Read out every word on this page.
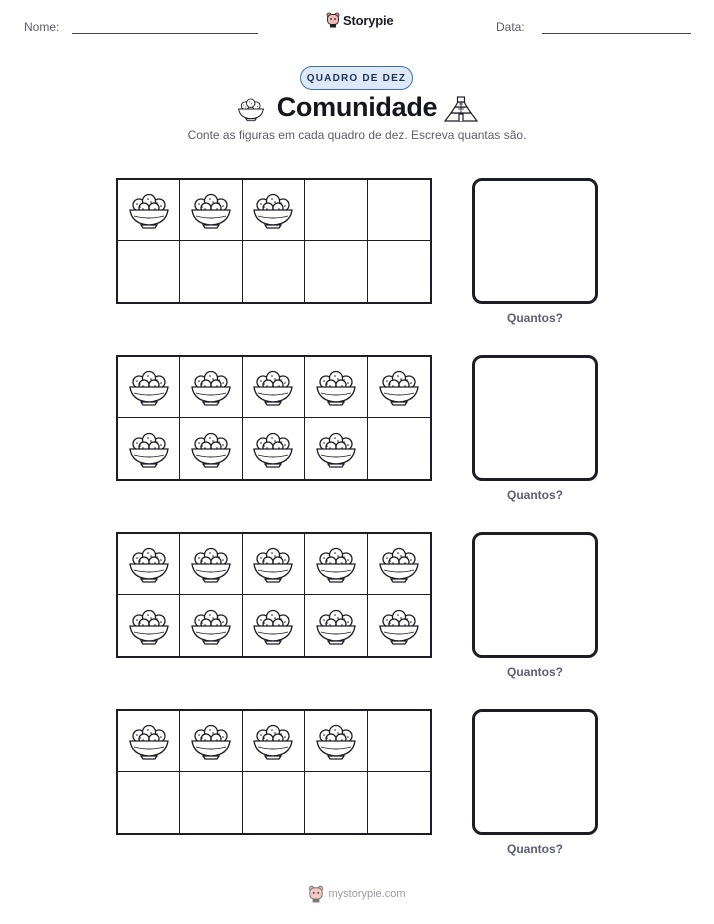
Nome:	Storypie	Data:
QUADRO DE DEZ
Comunidade
Conte as figuras em cada quadro de dez. Escreva quantas são.
Quantos?
Quantos?
Quantos?
Quantos?
mystorypie.com
